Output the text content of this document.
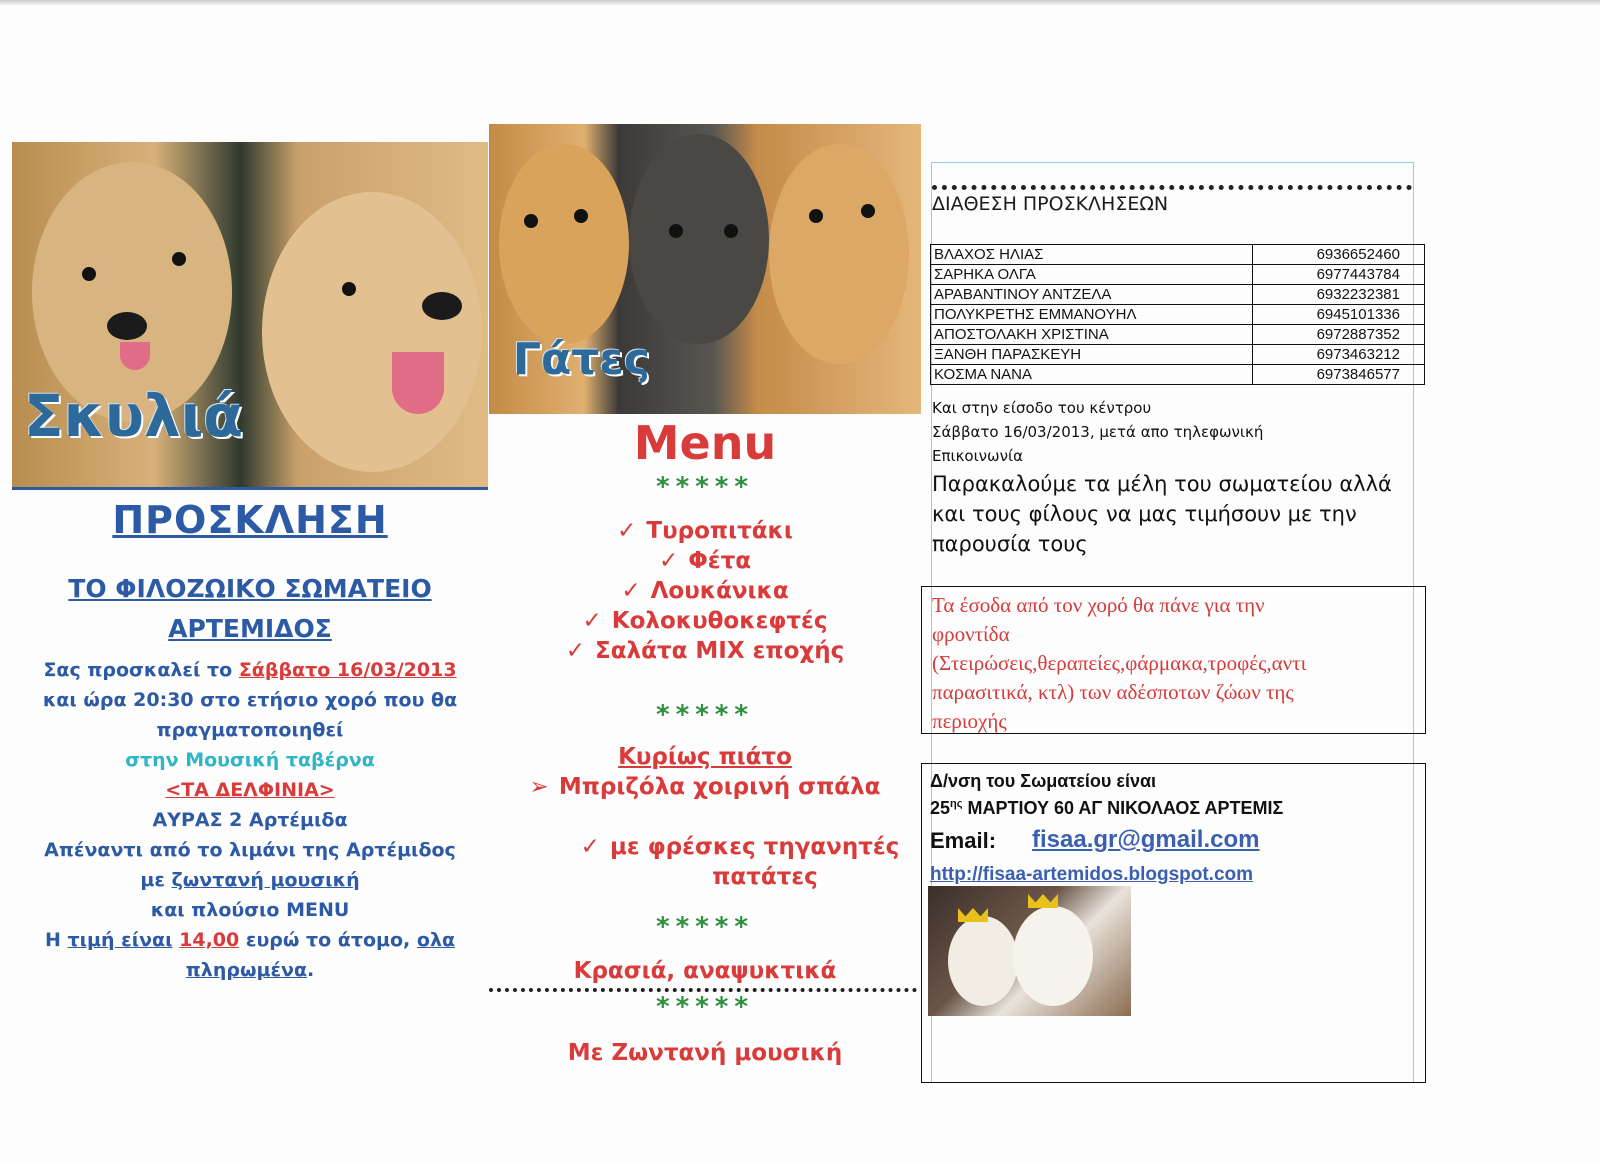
Σκυλιά
ΠΡΟΣΚΛΗΣΗ
ΤΟ ΦΙΛΟΖΩΙΚΟ ΣΩΜΑΤΕΙΟ
ΑΡΤΕΜΙΔΟΣ
Σας προσκαλεί το Σάββατο 16/03/2013
και ώρα 20:30 στο ετήσιο χορό που θα
πραγματοποιηθεί
στην Μουσική ταβέρνα
<ΤΑ ΔΕΛΦΙΝΙΑ>
ΑΥΡΑΣ 2 Αρτέμιδα
Απέναντι από το λιμάνι της Αρτέμιδος
με ζωντανή μουσική
και πλούσιο MENU
Η τιμή είναι 14,00 ευρώ το άτομο, ολα
πληρωμένα.
Γάτες
Menu
*****
✓ Τυροπιτάκι
✓ Φέτα
✓ Λουκάνικα
✓ Κολοκυθοκεφτές
✓ Σαλάτα ΜΙΧ εποχής
*****
Κυρίως πιάτο
➢ Μπριζόλα χοιρινή σπάλα
✓ με φρέσκες τηγανητές
πατάτες
*****
Κρασιά, αναψυκτικά
*****
Με Ζωντανή μουσική
ΔΙΑΘΕΣΗ ΠΡΟΣΚΛΗΣΕΩΝ
ΒΛΑΧΟΣ ΗΛΙΑΣ	6936652460
ΣΑΡΗΚΑ ΟΛΓΑ	6977443784
ΑΡΑΒΑΝΤΙΝΟΥ ΑΝΤΖΕΛΑ	6932232381
ΠΟΛΥΚΡΕΤΗΣ ΕΜΜΑΝΟΥΗΛ	6945101336
ΑΠΟΣΤΟΛΑΚΗ ΧΡΙΣΤΙΝΑ	6972887352
ΞΑΝΘΗ ΠΑΡΑΣΚΕΥΗ	6973463212
ΚΟΣΜΑ ΝΑΝΑ	6973846577
Και στην είσοδο του κέντρου
Σάββατο 16/03/2013, μετά απο τηλεφωνική
Επικοινωνία
Παρακαλούμε τα μέλη του σωματείου αλλά
και τους φίλους να μας τιμήσουν με την
παρουσία τους
Τα έσοδα από τον χορό θα πάνε για την
φροντίδα
(Στειρώσεις,θεραπείες,φάρμακα,τροφές,αντι
παρασιτικά, κτλ) των αδέσποτων ζώων της
περιοχής
Δ/νση του Σωματείου είναι
$25^{\eta\varsigma}$ ΜΑΡΤΙΟΥ 60 ΑΓ ΝΙΚΟΛΑΟΣ ΑΡΤΕΜΙΣ
Email: fisaa.gr@gmail.com
http://fisaa-artemidos.blogspot.com
